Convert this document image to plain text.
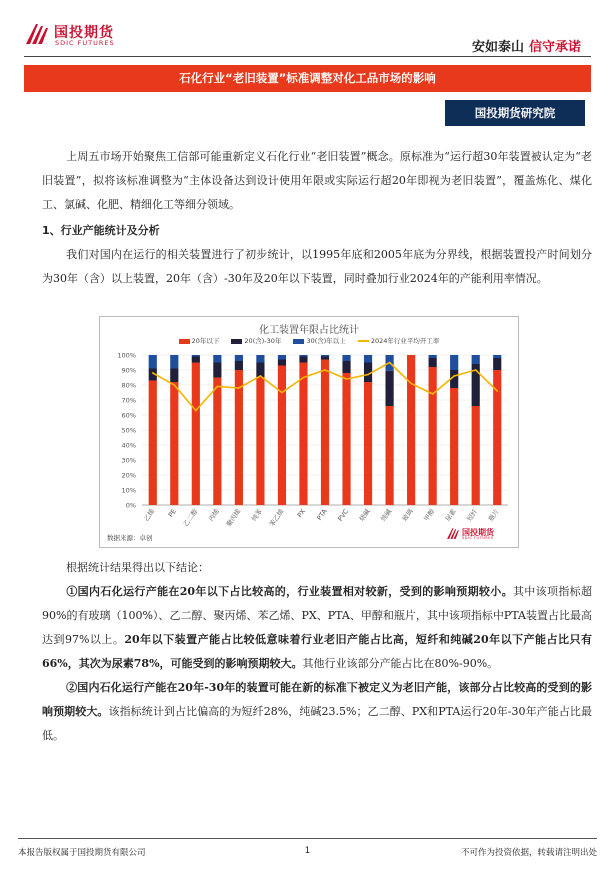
国投期货
SDIC FUTURES	安如泰山 信守承诺
石化行业“老旧装置”标准调整对化工品市场的影响
国投期货研究院

上周五市场开始聚焦工信部可能重新定义石化行业“老旧装置”概念。原标准为“运行超30年装置被认定为“老旧装置”，拟将该标准调整为“主体设备达到设计使用年限或实际运行超20年即视为老旧装置”，覆盖炼化、煤化工、氯碱、化肥、精细化工等细分领域。

1、行业产能统计及分析

我们对国内在运行的相关装置进行了初步统计，以1995年底和2005年底为分界线，根据装置投产时间划分为30年（含）以上装置，20年（含）-30年及20年以下装置，同时叠加行业2024年的产能利用率情况。

0%
10%
20%
30%
40%
50%
60%
70%
80%
90%
100%
乙烯 PE 乙二醇 丙烯 聚丙烯 纯苯 苯乙烯 PX PTA PVC 烧碱 纯碱 玻璃 甲醇 尿素 短纤 瓶片
化工装置年限占比统计
20年以下	20(含)-30年	30(含)年以上	2024年行业平均开工率
数据来源：卓创
国投期货
SDIC FUTURES

根据统计结果得出以下结论：

①国内石化运行产能在20年以下占比较高的，行业装置相对较新，受到的影响预期较小。其中该项指标超90%的有玻璃（100%）、乙二醇、聚丙烯、苯乙烯、PX、PTA、甲醇和瓶片，其中该项指标中PTA装置占比最高达到97%以上。20年以下装置产能占比较低意味着行业老旧产能占比高，短纤和纯碱20年以下产能占比只有66%，其次为尿素78%，可能受到的影响预期较大。其他行业该部分产能占比在80%-90%。

②国内石化运行产能在20年-30年的装置可能在新的标准下被定义为老旧产能，该部分占比较高的受到的影响预期较大。该指标统计到占比偏高的为短纤28%，纯碱23.5%；乙二醇、PX和PTA运行20年-30年产能占比最低。

本报告版权属于国投期货有限公司	1	不可作为投资依据，转载请注明出处
